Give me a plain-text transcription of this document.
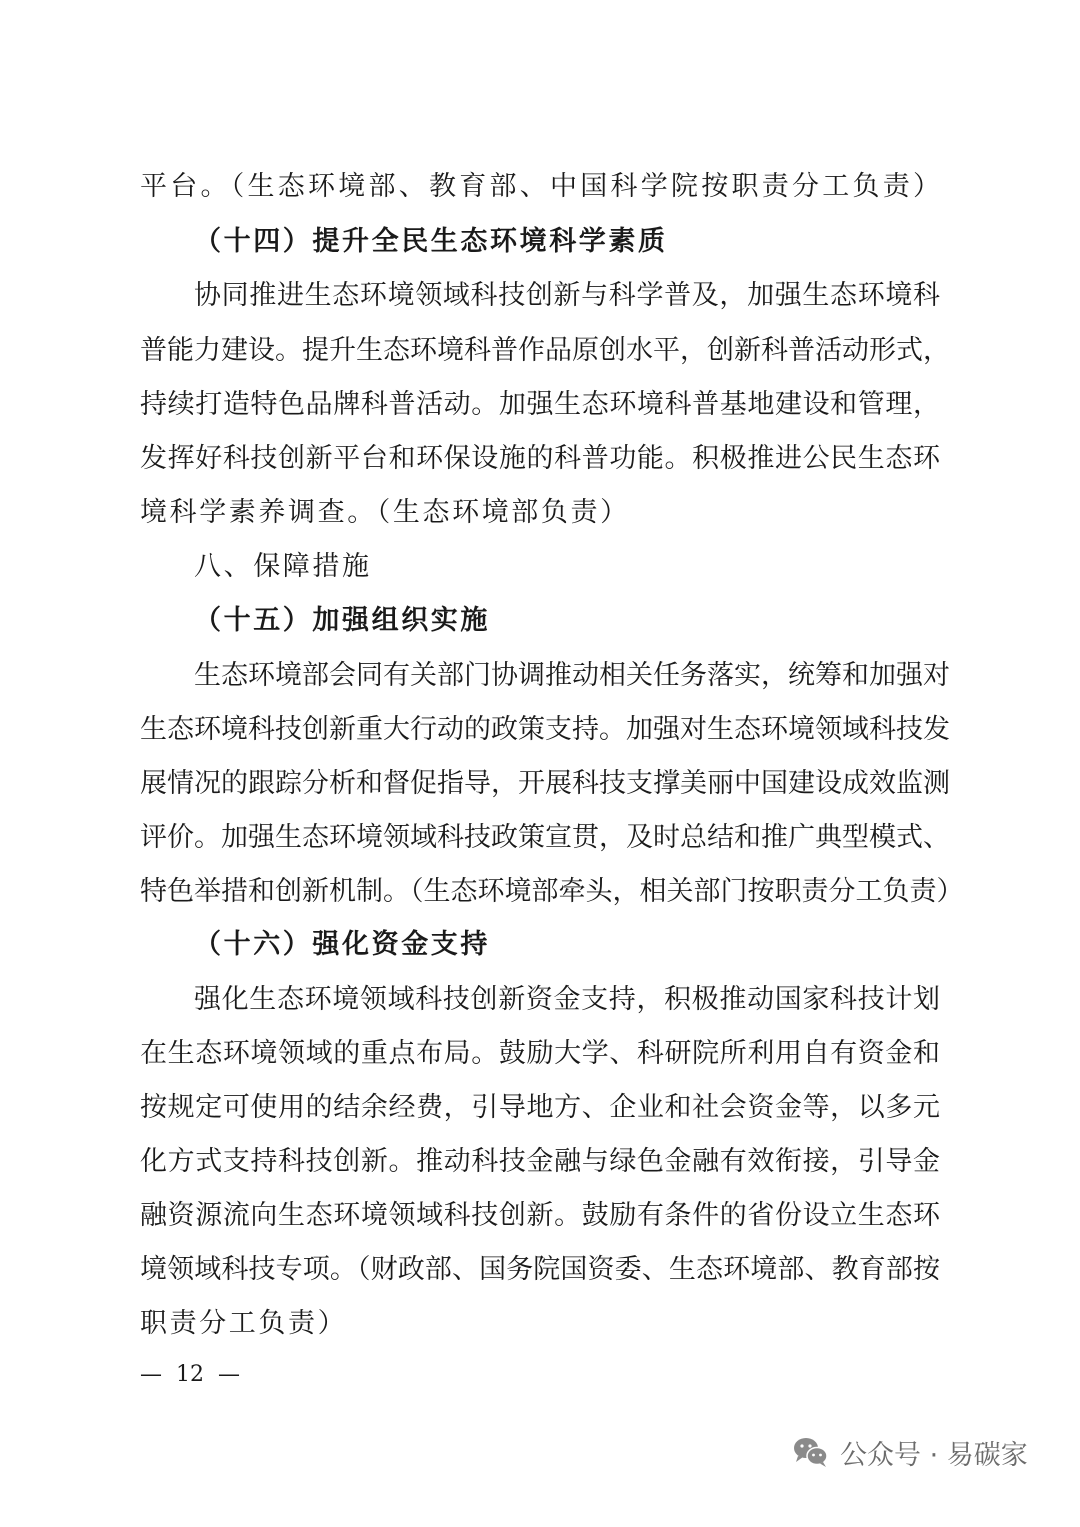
平台。（生态环境部、教育部、中国科学院按职责分工负责）
（十四）提升全民生态环境科学素质
协同推进生态环境领域科技创新与科学普及，加强生态环境科
普能力建设。提升生态环境科普作品原创水平，创新科普活动形式，
持续打造特色品牌科普活动。加强生态环境科普基地建设和管理，
发挥好科技创新平台和环保设施的科普功能。积极推进公民生态环
境科学素养调查。（生态环境部负责）
八、保障措施
（十五）加强组织实施
生态环境部会同有关部门协调推动相关任务落实，统筹和加强对
生态环境科技创新重大行动的政策支持。加强对生态环境领域科技发
展情况的跟踪分析和督促指导，开展科技支撑美丽中国建设成效监测
评价。加强生态环境领域科技政策宣贯，及时总结和推广典型模式、
特色举措和创新机制。（生态环境部牵头，相关部门按职责分工负责）
（十六）强化资金支持
强化生态环境领域科技创新资金支持，积极推动国家科技计划
在生态环境领域的重点布局。鼓励大学、科研院所利用自有资金和
按规定可使用的结余经费，引导地方、企业和社会资金等，以多元
化方式支持科技创新。推动科技金融与绿色金融有效衔接，引导金
融资源流向生态环境领域科技创新。鼓励有条件的省份设立生态环
境领域科技专项。（财政部、国务院国资委、生态环境部、教育部按
职责分工负责）
—  12  —
公众号 · 易碳家
